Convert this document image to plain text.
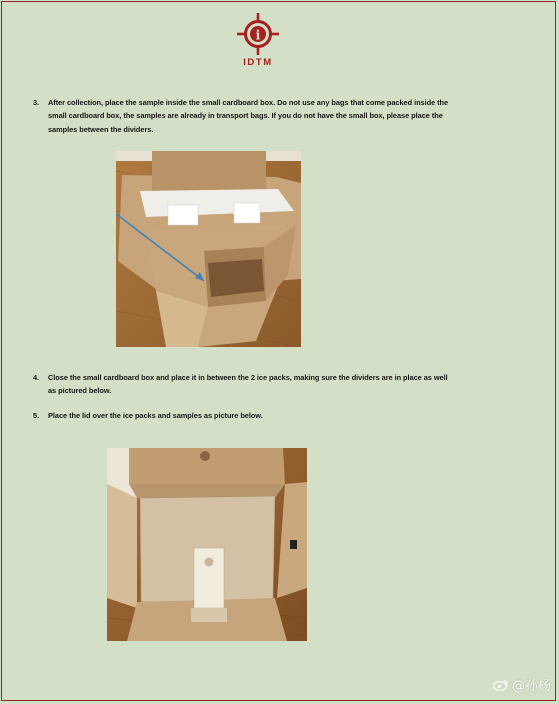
i
IDTM
3. After collection, place the sample inside the small cardboard box. Do not use any bags that come packed inside the
small cardboard box, the samples are already in transport bags. If you do not have the small box, please place the
samples between the dividers.
4. Close the small cardboard box and place it in between the 2 ice packs, making sure the dividers are in place as well
as pictured below.
5. Place the lid over the ice packs and samples as picture below.
@孙杨
